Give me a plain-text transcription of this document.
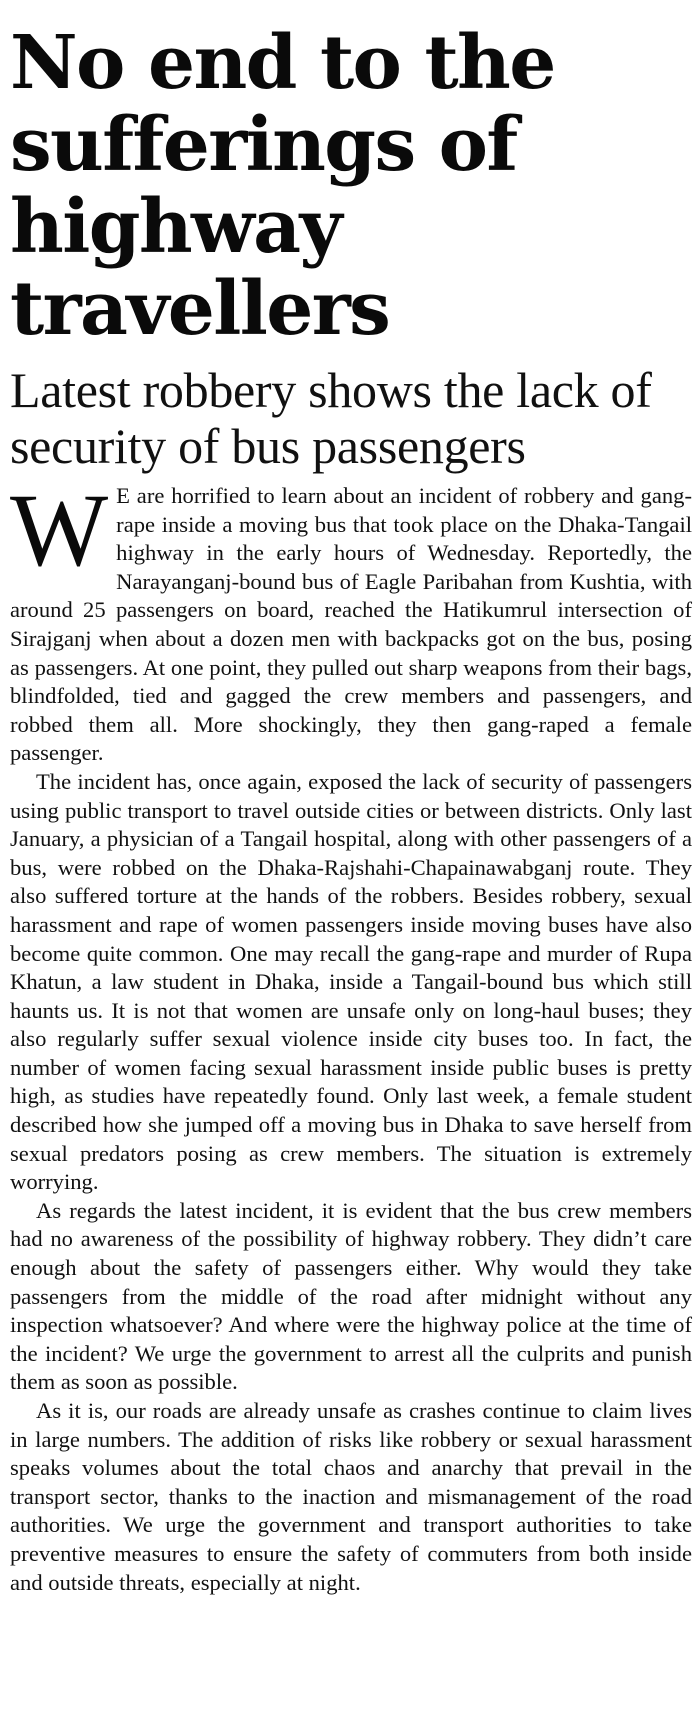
No end to the sufferings of highway travellers
Latest robbery shows the lack of security of bus passengers

W E are horrified to learn about an incident of robbery and gang-rape inside a moving bus that took place on the Dhaka-Tangail highway in the early hours of Wednesday. Reportedly, the Narayanganj-bound bus of Eagle Paribahan from Kushtia, with around 25 passengers on board, reached the Hatikumrul intersection of Sirajganj when about a dozen men with backpacks got on the bus, posing as passengers. At one point, they pulled out sharp weapons from their bags, blindfolded, tied and gagged the crew members and passengers, and robbed them all. More shockingly, they then gang-raped a female passenger.

The incident has, once again, exposed the lack of security of passengers using public transport to travel outside cities or between districts. Only last January, a physician of a Tangail hospital, along with other passengers of a bus, were robbed on the Dhaka-Rajshahi-Chapainawabganj route. They also suffered torture at the hands of the robbers. Besides robbery, sexual harassment and rape of women passengers inside moving buses have also become quite common. One may recall the gang-rape and murder of Rupa Khatun, a law student in Dhaka, inside a Tangail-bound bus which still haunts us. It is not that women are unsafe only on long-haul buses; they also regularly suffer sexual violence inside city buses too. In fact, the number of women facing sexual harassment inside public buses is pretty high, as studies have repeatedly found. Only last week, a female student described how she jumped off a moving bus in Dhaka to save herself from sexual predators posing as crew members. The situation is extremely worrying.

As regards the latest incident, it is evident that the bus crew members had no awareness of the possibility of highway robbery. They didn’t care enough about the safety of passengers either. Why would they take passengers from the middle of the road after midnight without any inspection whatsoever? And where were the highway police at the time of the incident? We urge the government to arrest all the culprits and punish them as soon as possible.

As it is, our roads are already unsafe as crashes continue to claim lives in large numbers. The addition of risks like robbery or sexual harassment speaks volumes about the total chaos and anarchy that prevail in the transport sector, thanks to the inaction and mismanagement of the road authorities. We urge the government and transport authorities to take preventive measures to ensure the safety of commuters from both inside and outside threats, especially at night.
